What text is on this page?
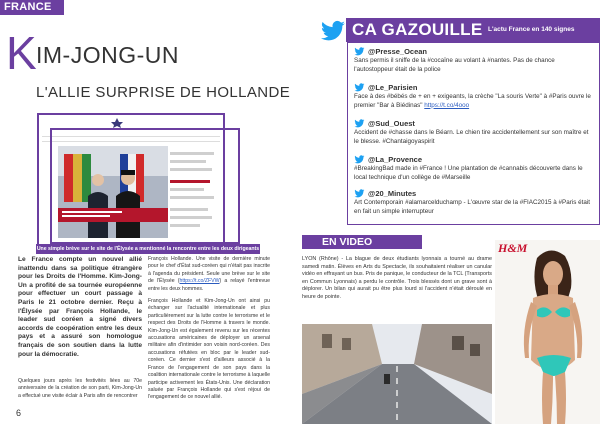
FRANCE
K IM-JONG-UN
L'ALLIE SURPRISE DE HOLLANDE
Une simple brève sur le site de l'Élysée a mentionné la rencontre entre les deux dirigeants
CA GAZOUILLE L'actu France en 140 signes
@Presse_Ocean
Sans permis il sniffe de la #cocaïne au volant à #nantes. Pas de chance l'autostoppeur était de la police
@Le_Parisien
Face à des #bébés de + en + exigeants, la crèche "La souris Verte" à #Paris ouvre le premier "Bar à Biédinas" https://t.co/4ooo
@Sud_Ouest
Accident de #chasse dans le Béarn. Le chien tire accidentellement sur son maître et le blesse. #Chantaigoyaspirit
@La_Provence
#BreakingBad made in #France ! Une plantation de #cannabis découverte dans le local technique d'un collège de #Marseille
@20_Minutes
Art Contemporain #alamarcelduchamp - L'œuvre star de la #FIAC2015 à #Paris était en fait un simple interrupteur
Le France compte un nouvel allié inattendu dans sa politique étrangère pour les Droits de l'Homme. Kim-Jong-Un a profité de sa tournée européenne pour effectuer un court passage à Paris le 21 octobre dernier. Reçu à l'Élysée par François Hollande, le leader sud coréen a signé divers accords de coopération entre les deux pays et a assuré son homologue français de son soutien dans la lutte pour la démocratie.
Quelques jours après les festivités liées au 70e anniversaire de la création de son parti, Kim-Jong-Un a effectué une visite éclair à Paris afin de rencontrer

François Hollande. Une visite de dernière minute pour le chef d'État sud-coréen qui n'était pas inscrite à l'agenda du président. Seule une brève sur le site de l'Élysée (https://t.co/ZFVW) a relayé l'entrevue entre les deux hommes.

François Hollande et Kim-Jong-Un ont ainsi pu échanger sur l'actualité internationale et plus particulièrement sur la lutte contre le terrorisme et le respect des Droits de l'Homme à travers le monde. Kim-Jong-Un est également revenu sur les récentes accusations américaines de déployer un arsenal militaire afin d'intimider son voisin nord-coréen. Des accusations réfutées en bloc par le leader sud-coréen. Ce dernier s'est d'ailleurs associé à la France de l'engagement de son pays dans la coalition internationale contre le terrorisme à laquelle participe activement les États-Unis. Une déclaration saluée par François Hollande qui s'est réjoui de l'engagement de ce nouvel allié.

6
EN VIDEO
LYON (Rhône) - La blague de deux étudiants lyonnais a tourné au drame samedi matin. Élèves en Arts du Spectacle, ils souhaitaient réaliser un canular vidéo en effrayant un bus. Pris de panique, le conducteur de la TCL (Transports en Commun Lyonnais) a perdu le contrôle. Trois blessés dont un grave sont à déplorer. Un bilan qui aurait pu être plus lourd si l'accident n'était déroulé en heure de pointe.
H&M
